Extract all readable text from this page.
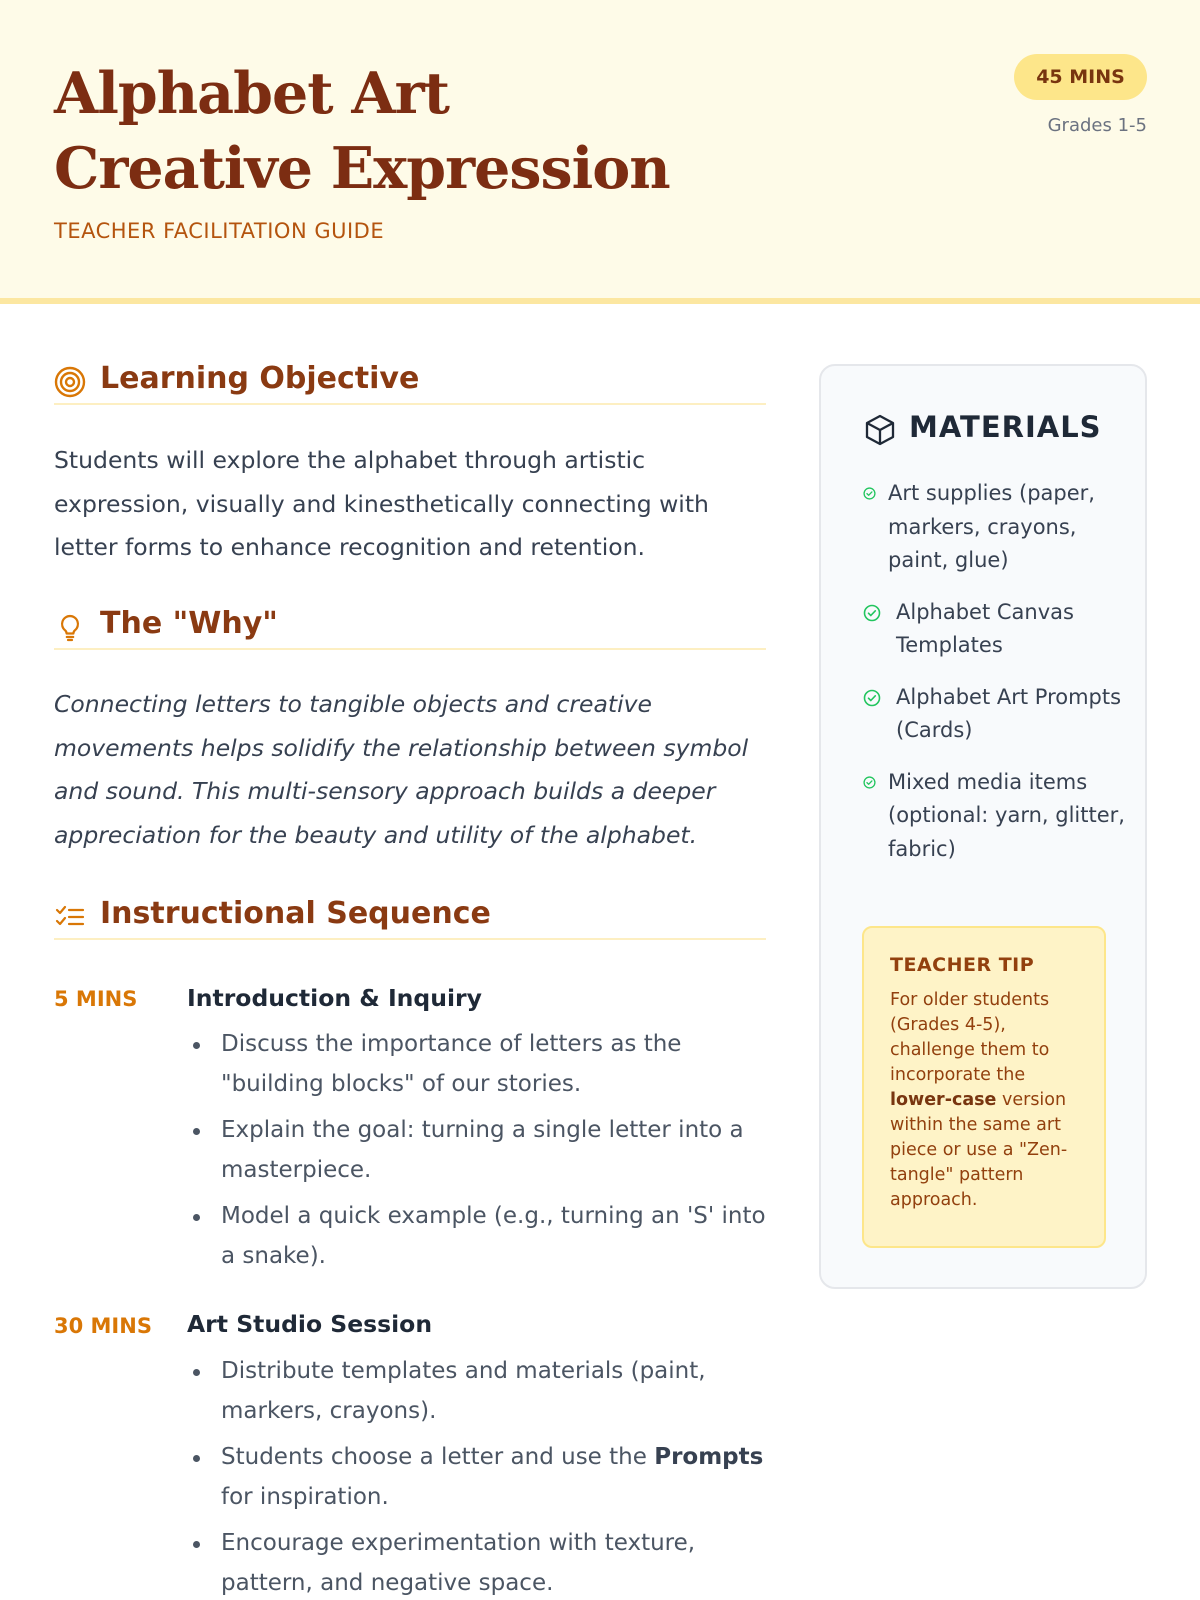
Alphabet Art
Creative Expression
TEACHER FACILITATION GUIDE
45 MINS
Grades 1-5
Learning Objective

Students will explore the alphabet through artistic expression, visually and kinesthetically connecting with letter forms to enhance recognition and retention.

The "Why"

Connecting letters to tangible objects and creative movements helps solidify the relationship between symbol and sound. This multi-sensory approach builds a deeper appreciation for the beauty and utility of the alphabet.

Instructional Sequence
5 MINS Introduction & Inquiry
Discuss the importance of letters as the "building blocks" of our stories.
Explain the goal: turning a single letter into a masterpiece.
Model a quick example (e.g., turning an 'S' into a snake).
30 MINS Art Studio Session
Distribute templates and materials (paint, markers, crayons).
Students choose a letter and use the Prompts for inspiration.
Encourage experimentation with texture, pattern, and negative space.
MATERIALS
Art supplies (paper, markers, crayons, paint, glue)
Alphabet Canvas Templates
Alphabet Art Prompts (Cards)
Mixed media items (optional: yarn, glitter, fabric)
TEACHER TIP
For older students (Grades 4-5), challenge them to incorporate the lower-case version within the same art piece or use a "Zen-tangle" pattern approach.
